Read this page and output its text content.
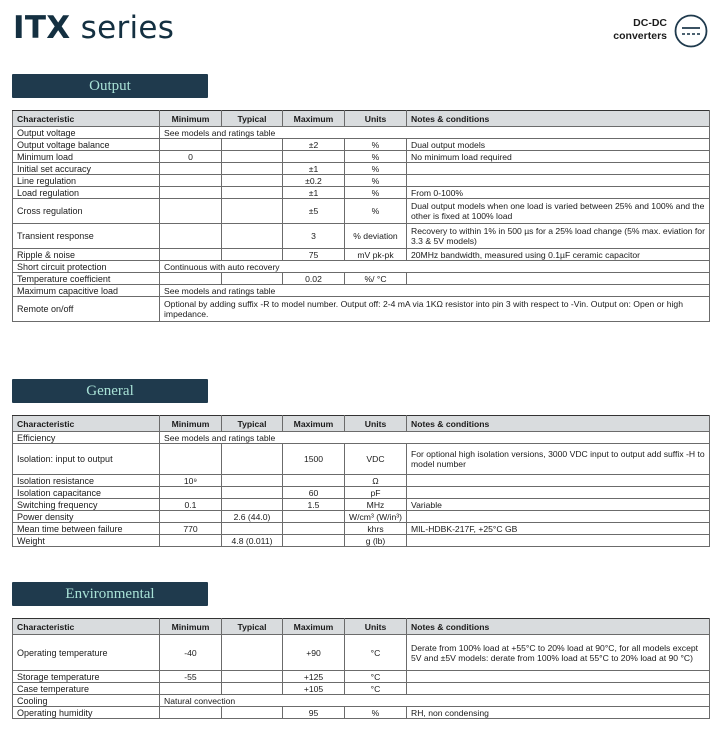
ITX series	DC-DC
converters
Output
Characteristic	Minimum	Typical	Maximum	Units	Notes & conditions
Output voltage	See models and ratings table				
Output voltage balance			±2	%	Dual output models
Minimum load	0			%	No minimum load required
Initial set accuracy			±1	%	
Line regulation			±0.2	%	
Load regulation			±1	%	From 0-100%
Cross regulation			±5	%	Dual output models when one load is varied between 25% and 100% and the other is fixed at 100% load
Transient response			3	% deviation	Recovery to within 1% in 500 µs for a 25% load change (5% max. eviation for 3.3 & 5V models)
Ripple & noise			75	mV pk-pk	20MHz bandwidth, measured using 0.1µF ceramic capacitor
Short circuit protection	Continuous with auto recovery				
Temperature coefficient			0.02	%/ °C	
Maximum capacitive load	See models and ratings table				
Remote on/off	Optional by adding suffix -R to model number. Output off: 2-4 mA via 1KΩ resistor into pin 3 with respect to -Vin. Output on: Open or high impedance.				
General
Characteristic	Minimum	Typical	Maximum	Units	Notes & conditions
Efficiency	See models and ratings table				
Isolation: input to output			1500	VDC	For optional high isolation versions, 3000 VDC input to output add suffix -H to model number
Isolation resistance	10⁹			Ω	
Isolation capacitance			60	pF	
Switching frequency	0.1		1.5	MHz	Variable
Power density		2.6 (44.0)		W/cm³ (W/in³)	
Mean time between failure	770			khrs	MIL-HDBK-217F, +25°C GB
Weight		4.8 (0.011)		g (lb)	
Environmental
Characteristic	Minimum	Typical	Maximum	Units	Notes & conditions
Operating temperature	-40		+90	°C	Derate from 100% load at +55°C to 20% load at 90°C, for all models except 5V and ±5V models: derate from 100% load at 55°C to 20% load at 90 °C)
Storage temperature	-55		+125	°C	
Case temperature			+105	°C	
Cooling	Natural convection				
Operating humidity			95	%	RH, non condensing
